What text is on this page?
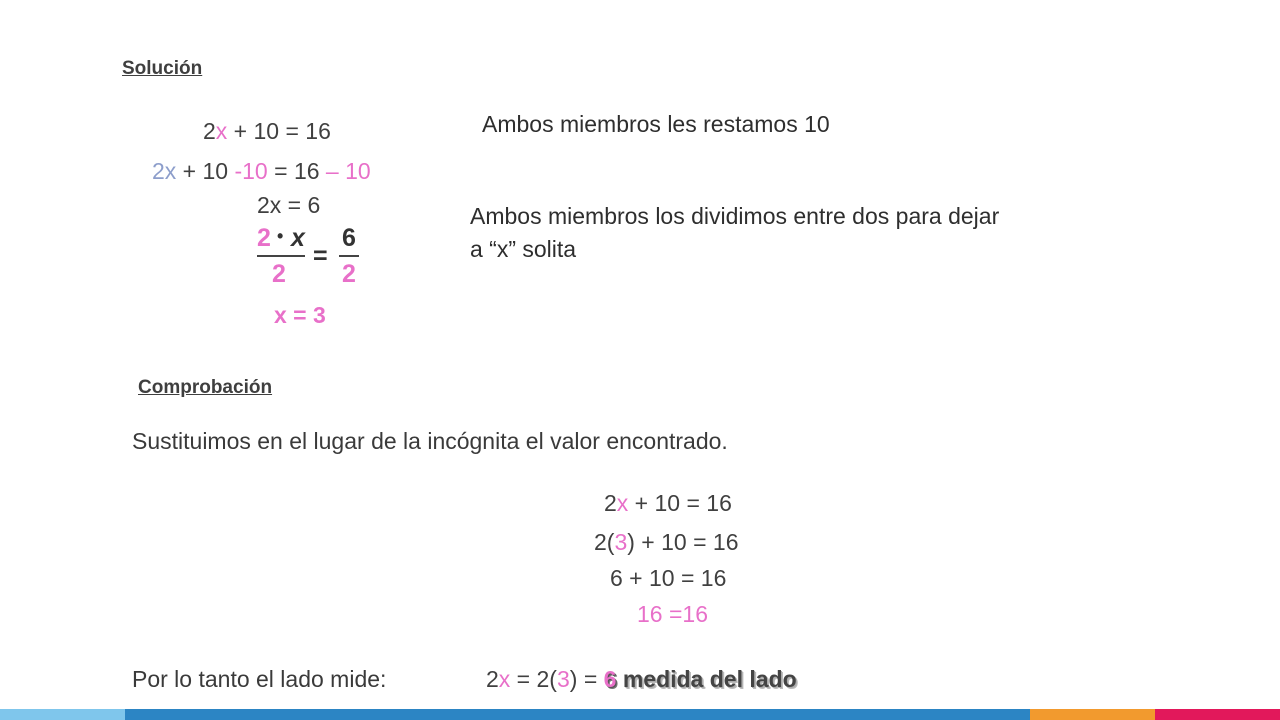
Solución
2x + 10 = 16
2x + 10 -10 = 16 – 10
2x = 6
2 • x
2
=
6
2
x = 3
Ambos miembros les restamos 10
Ambos miembros los dividimos entre dos para dejar
a “x” solita
Comprobación
Sustituimos en el lugar de la incógnita el valor encontrado.
2x + 10 = 16
2(3) + 10 = 16
6 + 10 = 16
16 =16
Por lo tanto el lado mide:	2x = 2(3) = 6 medida del lado
